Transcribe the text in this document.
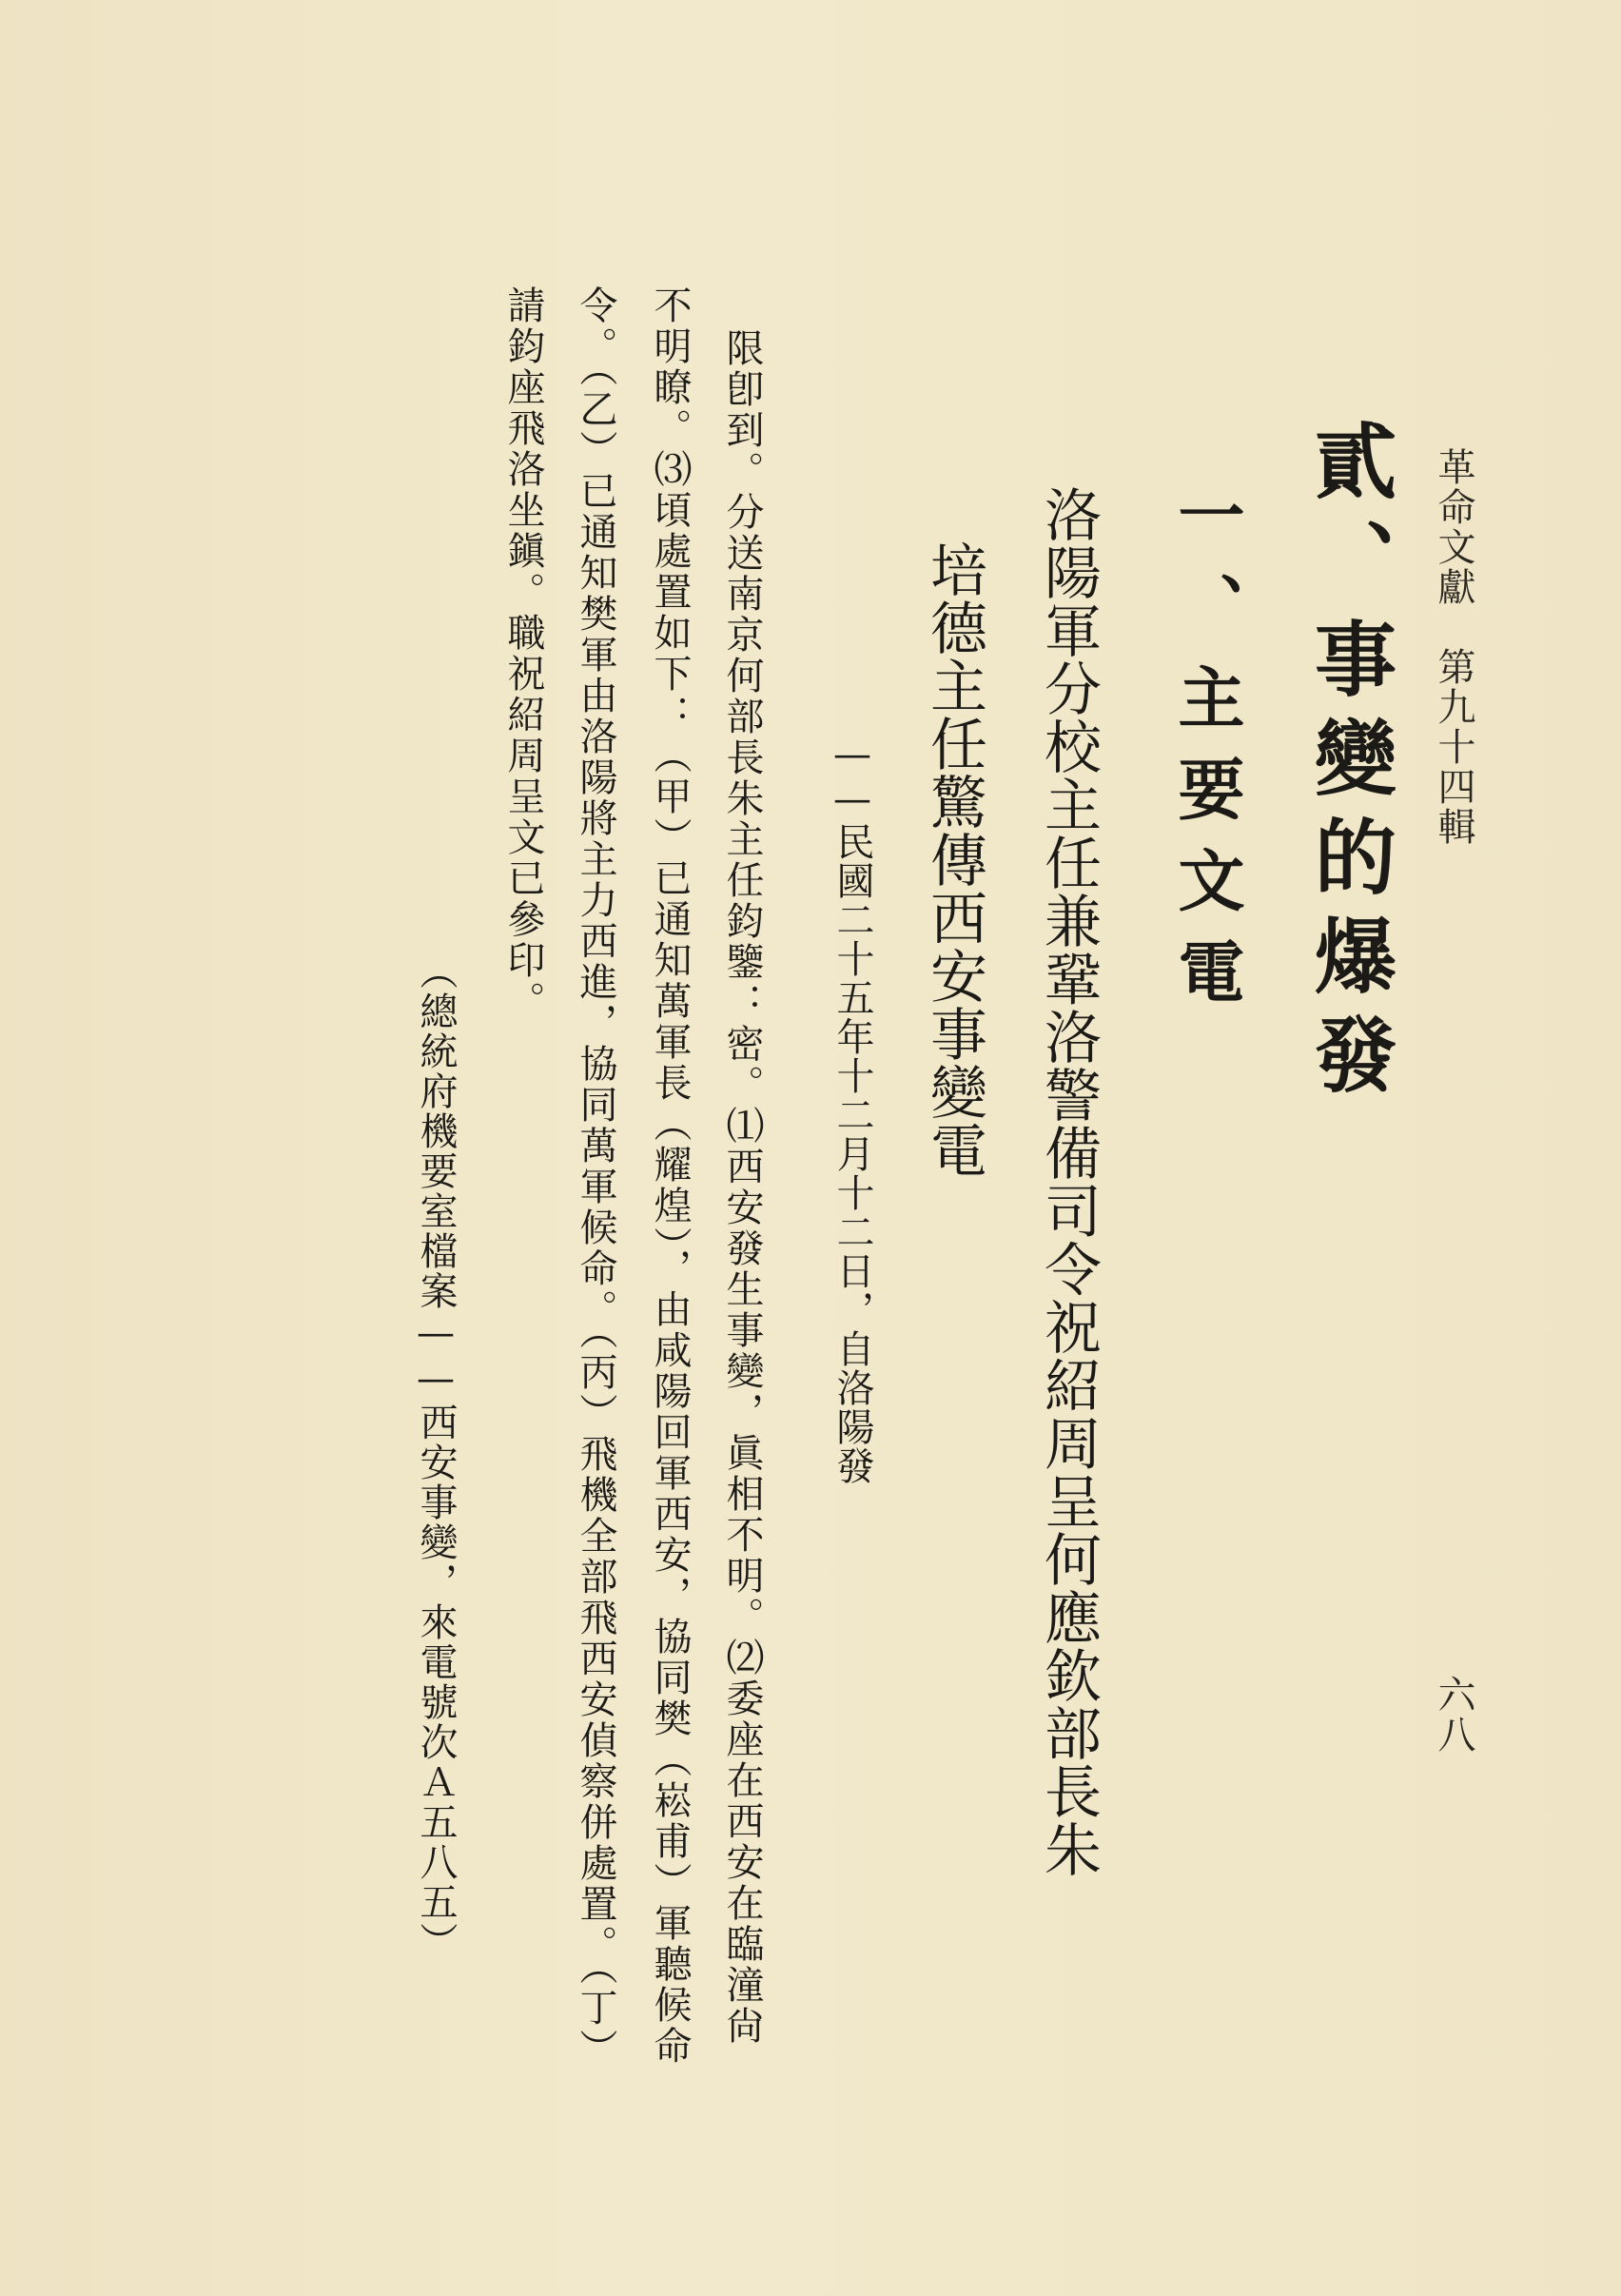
革命文獻　第九十四輯
六八
貳、事變的爆發
一、主要文電
洛陽軍分校主任兼鞏洛警備司令祝紹周呈何應欽部長朱
培德主任驚傳西安事變電
——民國二十五年十二月十二日，自洛陽發
限卽到。分送南京何部長朱主任鈞鑒：密。⑴西安發生事變，眞相不明。⑵委座在西安在臨潼尙
不明瞭。⑶頃處置如下：（甲）已通知萬軍長（耀煌），由咸陽回軍西安，協同樊（崧甫）軍聽候命
令。（乙）已通知樊軍由洛陽將主力西進，協同萬軍候命。（丙）飛機全部飛西安偵察併處置。（丁）
請鈞座飛洛坐鎭。職祝紹周呈文已參印。
（總統府機要室檔案——西安事變，來電號次Ａ五八五）
